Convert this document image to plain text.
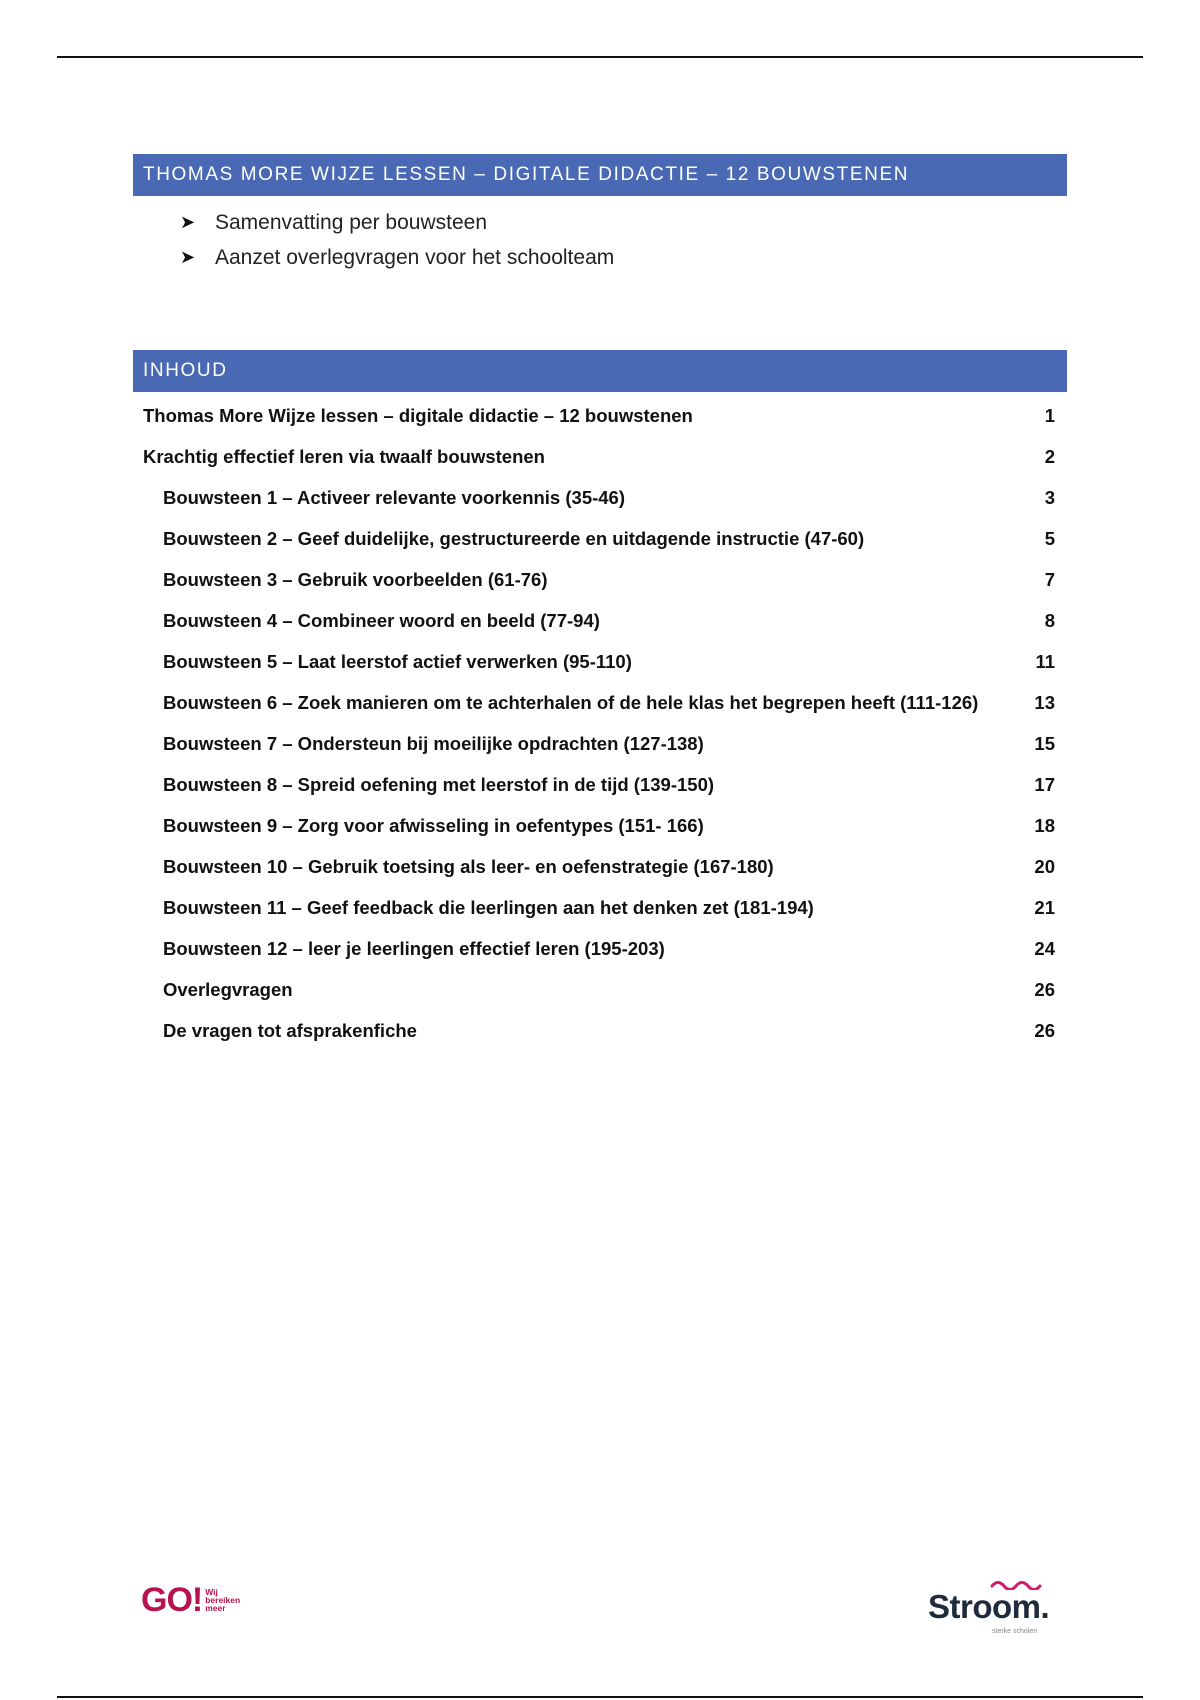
THOMAS MORE WIJZE LESSEN – DIGITALE DIDACTIE – 12 BOUWSTENEN
➤ Samenvatting per bouwsteen
➤ Aanzet overlegvragen voor het schoolteam
INHOUD
Thomas More Wijze lessen – digitale didactie – 12 bouwstenen	1
Krachtig effectief leren via twaalf bouwstenen	2
Bouwsteen 1 – Activeer relevante voorkennis (35-46)	3
Bouwsteen 2 – Geef duidelijke, gestructureerde en uitdagende instructie (47-60)	5
Bouwsteen 3 – Gebruik voorbeelden (61-76)	7
Bouwsteen 4 – Combineer woord en beeld (77-94)	8
Bouwsteen 5 – Laat leerstof actief verwerken (95-110)	11
Bouwsteen 6 – Zoek manieren om te achterhalen of de hele klas het begrepen heeft (111-126)	13
Bouwsteen 7 – Ondersteun bij moeilijke opdrachten (127-138)	15
Bouwsteen 8 – Spreid oefening met leerstof in de tijd (139-150)	17
Bouwsteen 9 – Zorg voor afwisseling in oefentypes (151- 166)	18
Bouwsteen 10 – Gebruik toetsing als leer- en oefenstrategie (167-180)	20
Bouwsteen 11 – Geef feedback die leerlingen aan het denken zet (181-194)	21
Bouwsteen 12 – leer je leerlingen effectief leren (195-203)	24
Overlegvragen	26
De vragen tot afsprakenfiche	26
GO! Wij
bereiken
meer	Stroom.
sterke scholen
